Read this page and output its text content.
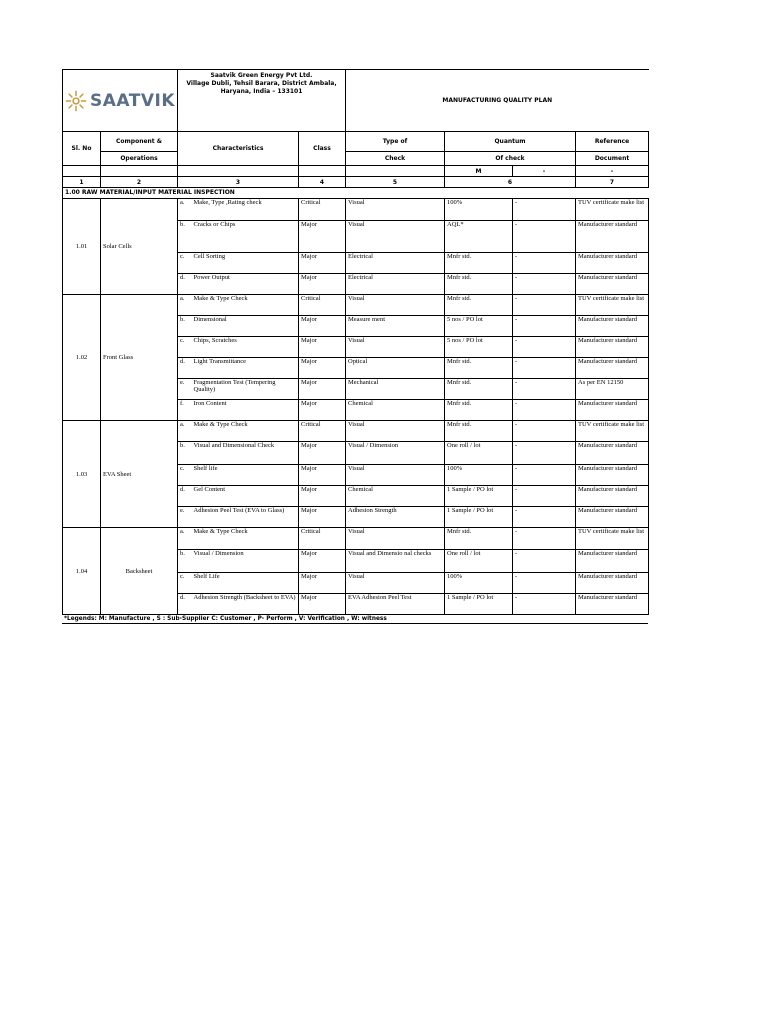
SAATVIK		Saatvik Green Energy Pvt Ltd.
Village Dubli, Tehsil Barara, District Ambala,
Haryana, India – 133101			MANUFACTURING QUALITY PLAN			
Sl. No	Component &	Characteristics		Class	Type of	Quantum		Reference
	Operations				Check	Of check		Document
						M	-	-
1	2	3		4	5	6		7
1.00 RAW MATERIAL/INPUT MATERIAL INSPECTION								
1.01	Solar Cells	a.	Make, Type ,Rating check	Critical	Visual	100%	-	TUV certificate make list
		b.	Cracks or Chips	Major	Visual	AQL*	-	Manufacturer standard
		c.	Cell Sorting	Major	Electrical	Mnfr std.	-	Manufacturer standard
		d.	Power Output	Major	Electrical	Mnfr std.	-	Manufacturer standard
1.02	Front Glass	a.	Make & Type Check	Critical	Visual	Mnfr std.	-	TUV certificate make list
		b.	Dimensional	Major	Measure ment	5 nos / PO lot	-	Manufacturer standard
		c.	Chips, Scratches	Major	Visual	5 nos / PO lot	-	Manufacturer standard
		d.	Light Transmittance	Major	Optical	Mnfr std.	-	Manufacturer standard
		e.	Fragmentation Test (Tempering Quality)	Major	Mechanical	Mnfr std.	-	As per EN 12150
		f.	Iron Content	Major	Chemical	Mnfr std.	-	Manufacturer standard
1.03	EVA Sheet	a.	Make & Type Check	Critical	Visual	Mnfr std.	-	TUV certificate make list
		b.	Visual and Dimensional Check	Major	Visual / Dimension	One roll / lot	-	Manufacturer standard
		c.	Shelf life	Major	Visual	100%	-	Manufacturer standard
		d.	Gel Content	Major	Chemical	1 Sample / PO lot	-	Manufacturer standard
		e.	Adhesion Peel Test (EVA to Glass)	Major	Adhesion Strength	1 Sample / PO lot	-	Manufacturer standard
1.04	Backsheet	a.	Make & Type Check	Critical	Visual	Mnfr std.	-	TUV certificate make list
		b.	Visual / Dimension	Major	Visual and Dimensio nal checks	One roll / lot	-	Manufacturer standard
		c.	Shelf Life	Major	Visual	100%	-	Manufacturer standard
		d.	Adhesion Strength (Backsheet to EVA)	Major	EVA Adhesion Peel Test	1 Sample / PO lot	-	Manufacturer standard
*Legends: M: Manufacture , S : Sub-Supplier C: Customer , P- Perform , V: Verification , W: witness
